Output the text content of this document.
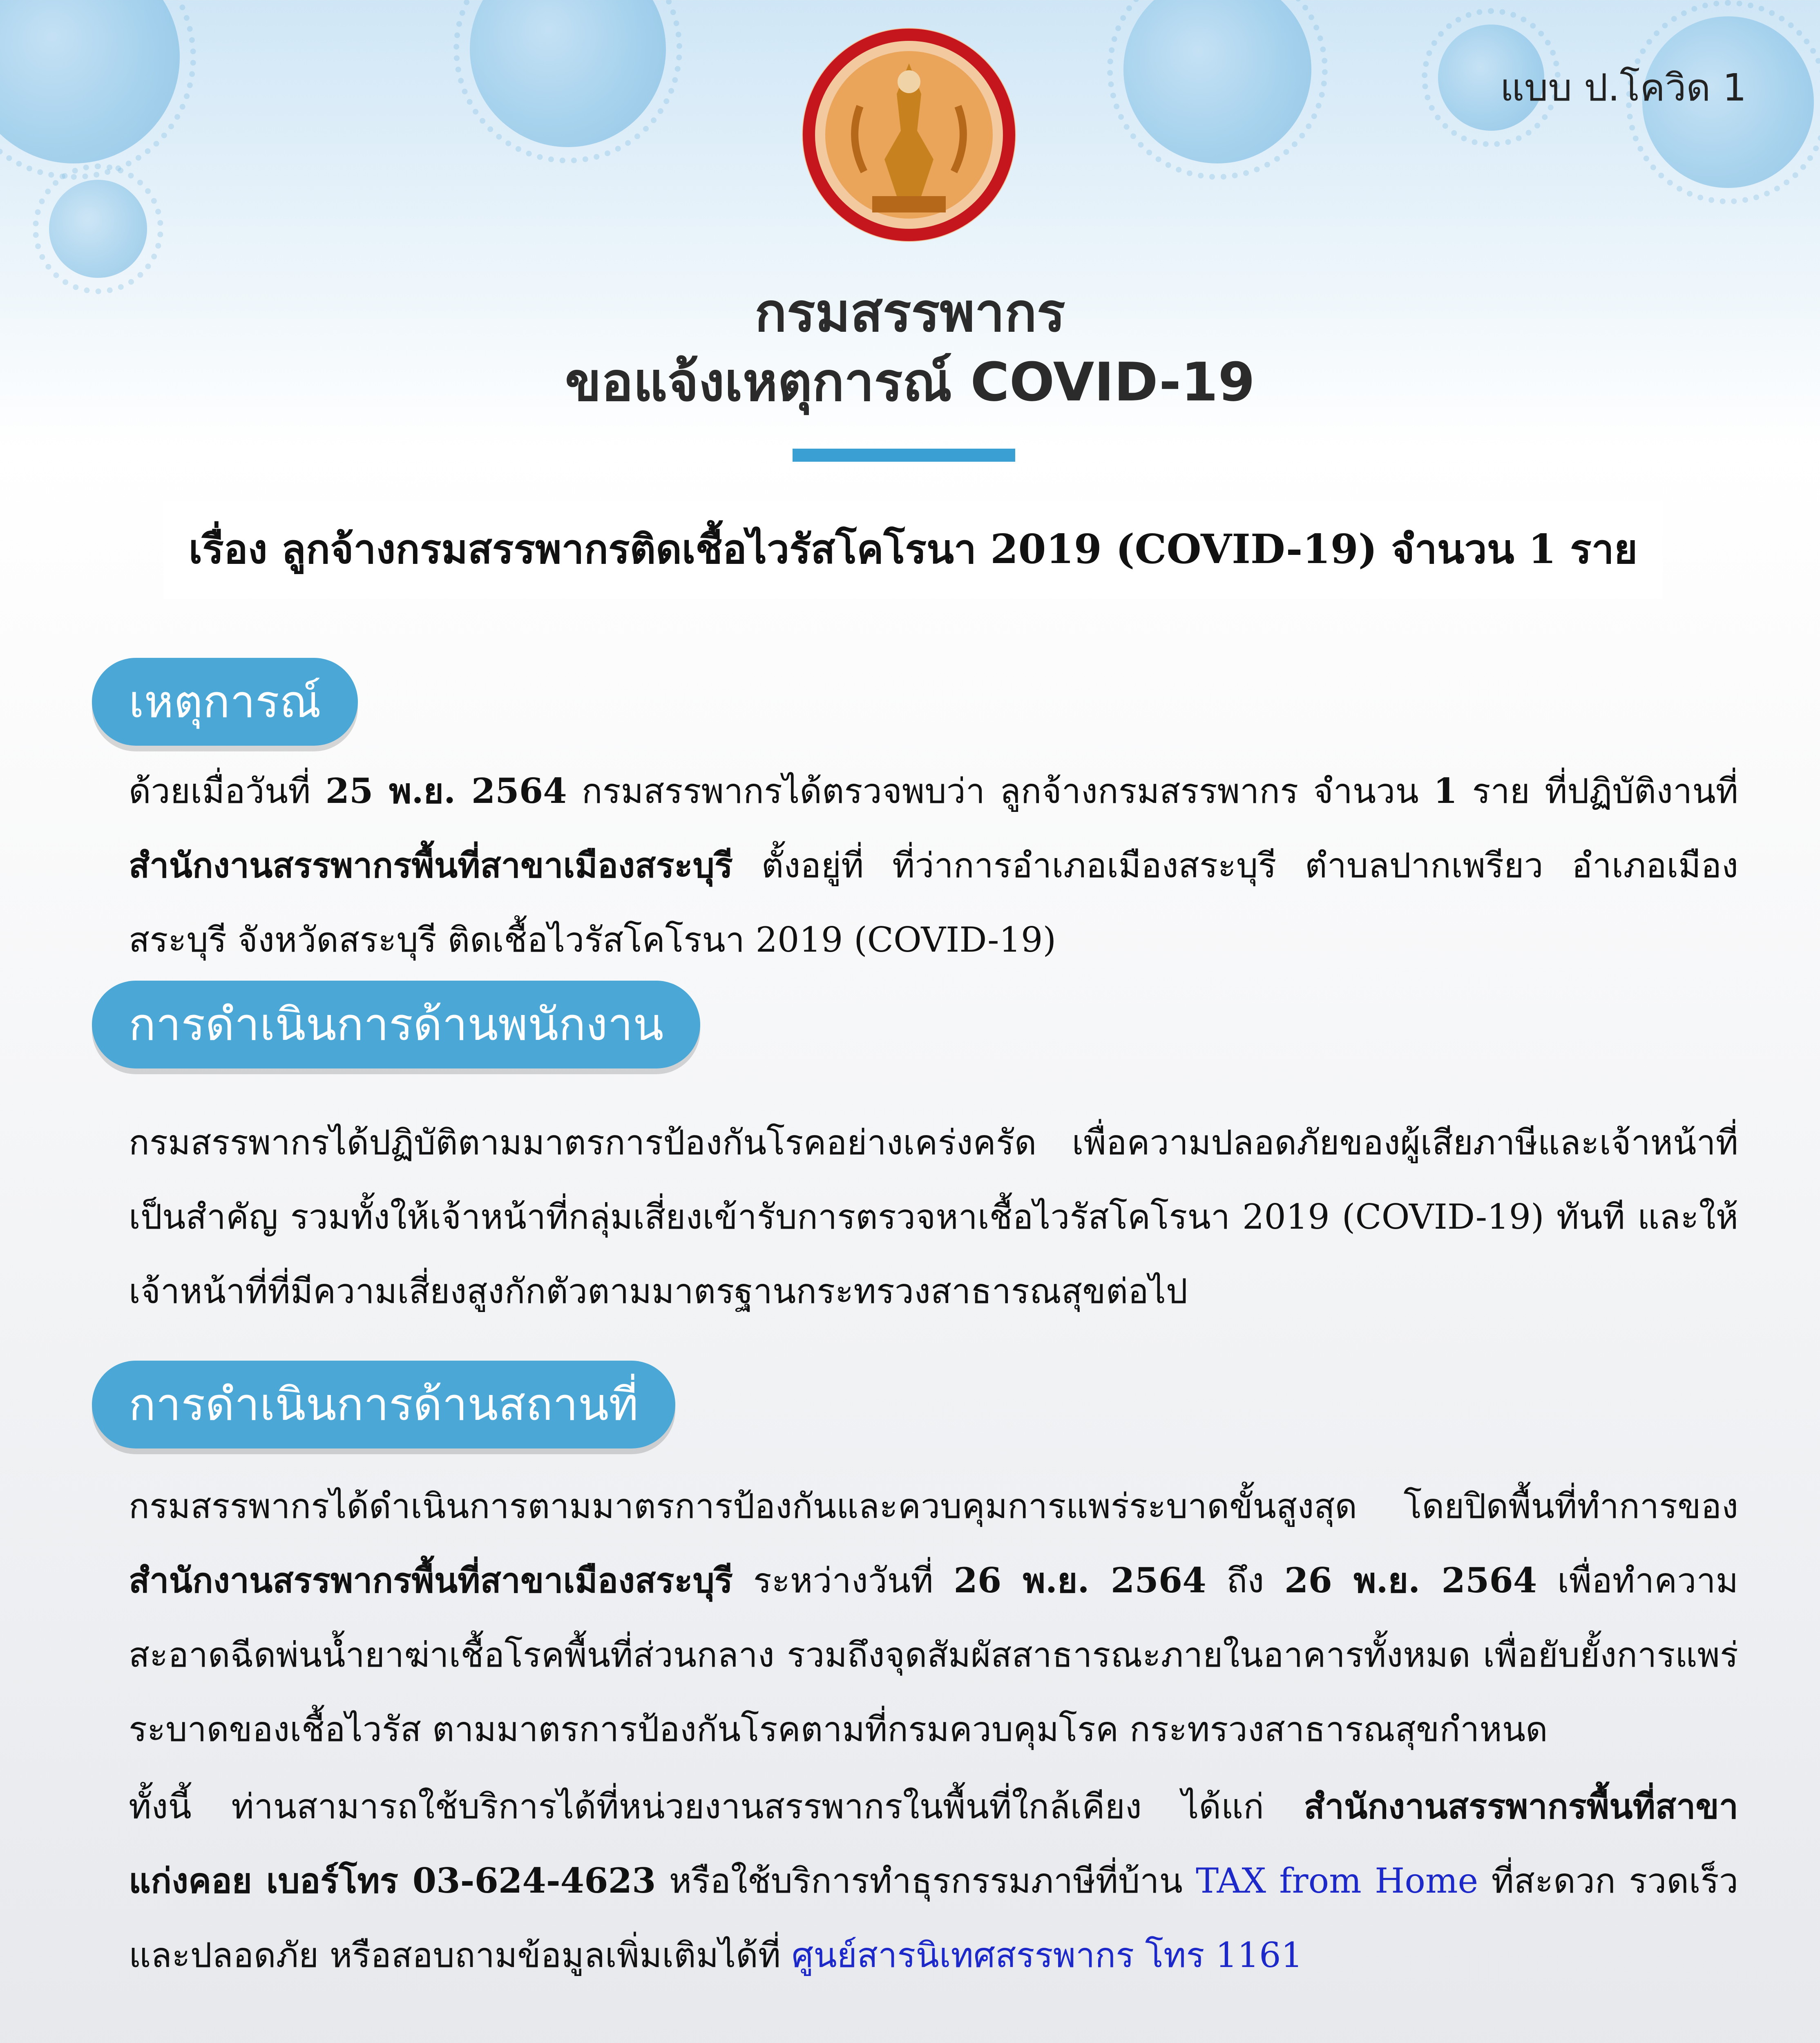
แบบ ป.โควิด 1
กรมสรรพากร
ขอแจ้งเหตุการณ์ COVID-19
เรื่อง ลูกจ้างกรมสรรพากรติดเชื้อไวรัสโคโรนา 2019 (COVID-19) จำนวน 1 ราย
เหตุการณ์
ด้วยเมื่อวันที่ 25 พ.ย. 2564 กรมสรรพากรได้ตรวจพบว่า ลูกจ้างกรมสรรพากร จำนวน 1 ราย ที่ปฏิบัติงานที่ สำนักงานสรรพากรพื้นที่สาขาเมืองสระบุรี ตั้งอยู่ที่ ที่ว่าการอำเภอเมืองสระบุรี ตำบลปากเพรียว อำเภอเมืองสระบุรี จังหวัดสระบุรี ติดเชื้อไวรัสโคโรนา 2019 (COVID-19)
การดำเนินการด้านพนักงาน
กรมสรรพากรได้ปฏิบัติตามมาตรการป้องกันโรคอย่างเคร่งครัด เพื่อความปลอดภัยของผู้เสียภาษีและเจ้าหน้าที่เป็นสำคัญ รวมทั้งให้เจ้าหน้าที่กลุ่มเสี่ยงเข้ารับการตรวจหาเชื้อไวรัสโคโรนา 2019 (COVID-19) ทันที และให้เจ้าหน้าที่ที่มีความเสี่ยงสูงกักตัวตามมาตรฐานกระทรวงสาธารณสุขต่อไป
การดำเนินการด้านสถานที่
กรมสรรพากรได้ดำเนินการตามมาตรการป้องกันและควบคุมการแพร่ระบาดขั้นสูงสุด โดยปิดพื้นที่ทำการของ สำนักงานสรรพากรพื้นที่สาขาเมืองสระบุรี ระหว่างวันที่ 26 พ.ย. 2564 ถึง 26 พ.ย. 2564 เพื่อทำความสะอาดฉีดพ่นน้ำยาฆ่าเชื้อโรคพื้นที่ส่วนกลาง รวมถึงจุดสัมผัสสาธารณะภายในอาคารทั้งหมด เพื่อยับยั้งการแพร่ระบาดของเชื้อไวรัส ตามมาตรการป้องกันโรคตามที่กรมควบคุมโรค กระทรวงสาธารณสุขกำหนด
ทั้งนี้ ท่านสามารถใช้บริการได้ที่หน่วยงานสรรพากรในพื้นที่ใกล้เคียง ได้แก่ สำนักงานสรรพากรพื้นที่สาขาแก่งคอย เบอร์โทร 03-624-4623 หรือใช้บริการทำธุรกรรมภาษีที่บ้าน TAX from Home ที่สะดวก รวดเร็ว และปลอดภัย หรือสอบถามข้อมูลเพิ่มเติมได้ที่ ศูนย์สารนิเทศสรรพากร โทร 1161
